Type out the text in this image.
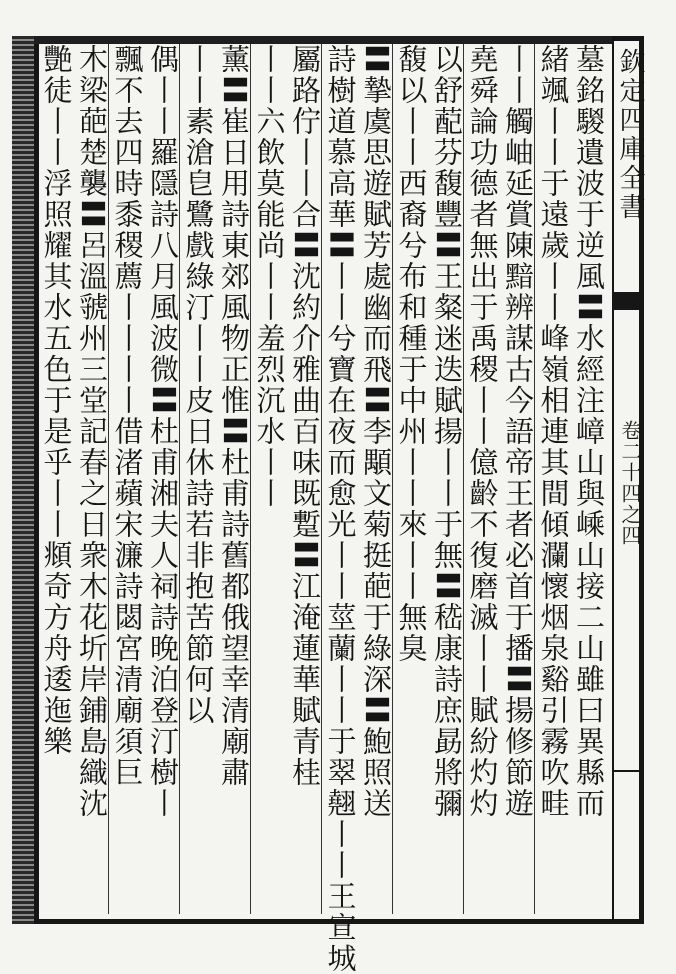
欽定四庫全書
卷二十四之四
墓銘騣遺波于逆風〓水經注嶂山與嵊山接二山雖曰異縣而
緒颯丨丨于遠歲丨丨峰嶺相連其間傾瀾懷烟泉谿引霧吹畦
丨丨觸岫延賞陳黯辨謀古今語帝王者必首于播〓揚修節遊
堯舜論功德者無出于禹稷丨丨億齡不復磨滅丨丨賦紛灼灼
以舒蓜芬馥豐〓王粲迷迭賦揚丨丨于無〓嵇康詩庶勗將彌
馥以丨丨西裔兮布和種于中州丨丨來丨丨無臭
〓摯虞思遊賦芳處幽而飛〓李顒文菊挺葩于綠深〓鮑照送
詩樹道慕高華〓丨丨兮寶在夜而愈光丨丨莖蘭丨丨于翠翹丨丨王宣城
屬路佇丨丨合〓沈約介雅曲百味既蹔〓江淹蓮華賦青桂
丨丨六飲莫能尚丨丨羞烈沉水丨丨
薰〓崔日用詩東郊風物正惟〓杜甫詩舊都俄望幸清廟肅
丨丨素滄皀鷺戲綠汀丨丨皮日休詩若非抱苦節何以
偶丨丨羅隱詩八月風波微〓杜甫湘夫人祠詩晚泊登汀樹丨
飄不去四時黍稷薦丨丨丨丨借渚蘋宋濂詩閟宮清廟須巨
木梁葩楚襲〓呂溫虢州三堂記春之日衆木花圻岸鋪島織沈
艷徒丨丨浮照耀其水五色于是乎丨丨頫奇方舟逶迤樂
